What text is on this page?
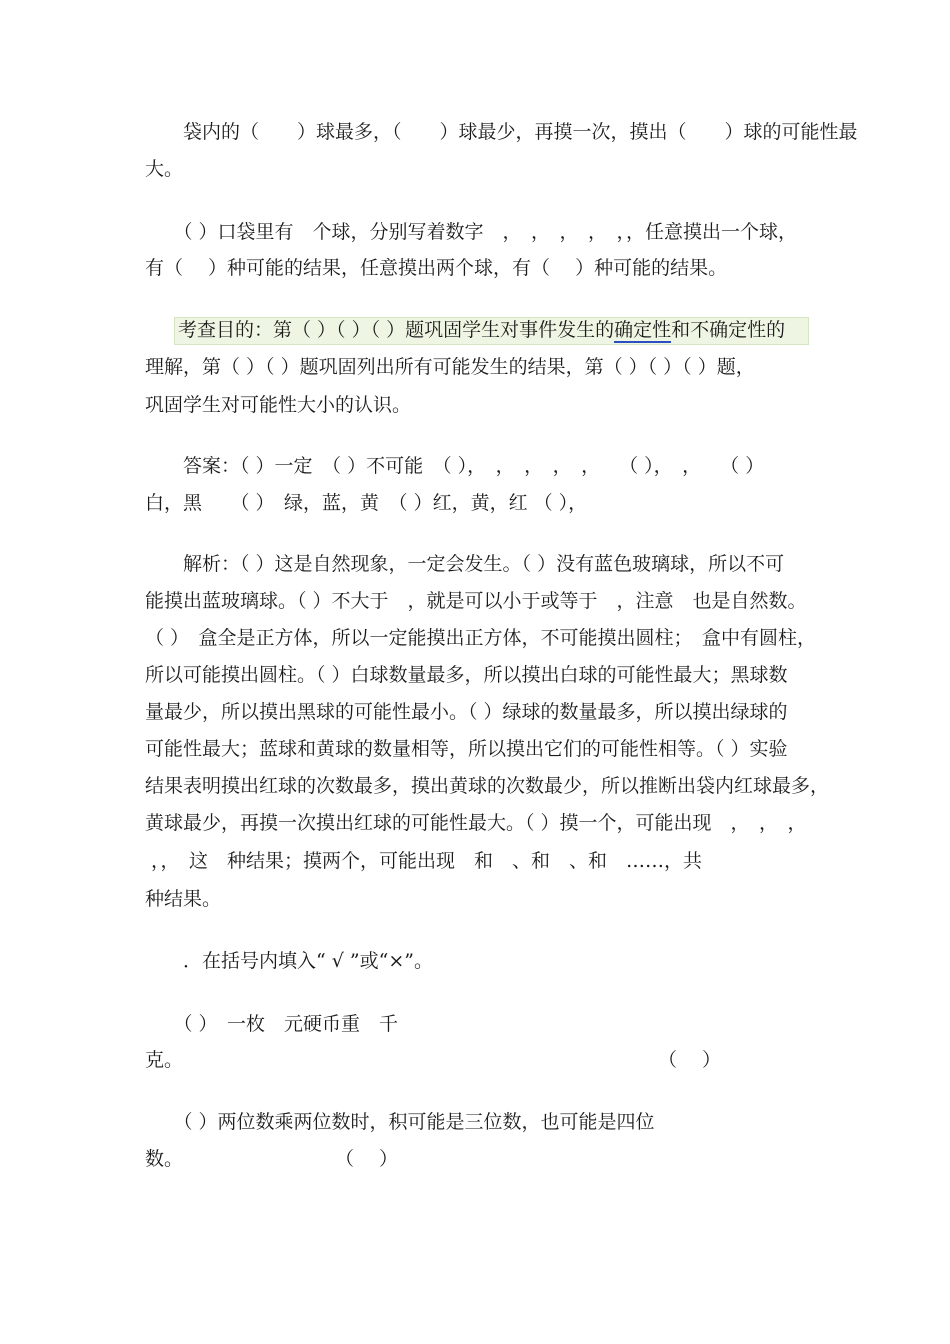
　　袋内的（　　）球最多，（　　）球最少，再摸一次，摸出（　　）球的可能性最
大。
　　（ ）口袋里有　个球，分别写着数字　，　，　，　，　，，任意摸出一个球，
有（　 ）种可能的结果，任意摸出两个球，有（　 ）种可能的结果。
考查目的：第（ ）（ ）（ ）题巩固学生对事件发生的确定性和不确定性的
理解，第（ ）（ ）题巩固列出所有可能发生的结果，第（ ）（ ）（ ）题，
巩固学生对可能性大小的认识。
　　答案：（ ）一定　（ ）不可能　（ ），　，　，　，　，　　（ ），　，　　（ ）
白，黑　　（ ）　绿，蓝，黄　（ ）红，黄，红 （ ），
　　解析：（ ）这是自然现象，一定会发生。（ ）没有蓝色玻璃球，所以不可
能摸出蓝玻璃球。（ ）不大于　，就是可以小于或等于　，注意　也是自然数。
（ ）　盒全是正方体，所以一定能摸出正方体，不可能摸出圆柱；　盒中有圆柱，
所以可能摸出圆柱。（ ）白球数量最多，所以摸出白球的可能性最大；黑球数
量最少，所以摸出黑球的可能性最小。（ ）绿球的数量最多，所以摸出绿球的
可能性最大；蓝球和黄球的数量相等，所以摸出它们的可能性相等。（ ）实验
结果表明摸出红球的次数最多，摸出黄球的次数最少，所以推断出袋内红球最多，
黄球最少，再摸一次摸出红球的可能性最大。（ ）摸一个，可能出现　，　，　，
，，　这　种结果；摸两个，可能出现　和　、和　、和　……，共
种结果。
　　．在括号内填入“ √ ”或“×”。
　　（ ）　一枚　元硬币重　千
克。　　　　　　　　　　　　　　　　　　　　　　　　　　（　 ）
　　（ ）两位数乘两位数时，积可能是三位数，也可能是四位
数。　　　　　　　　　（　 ）
